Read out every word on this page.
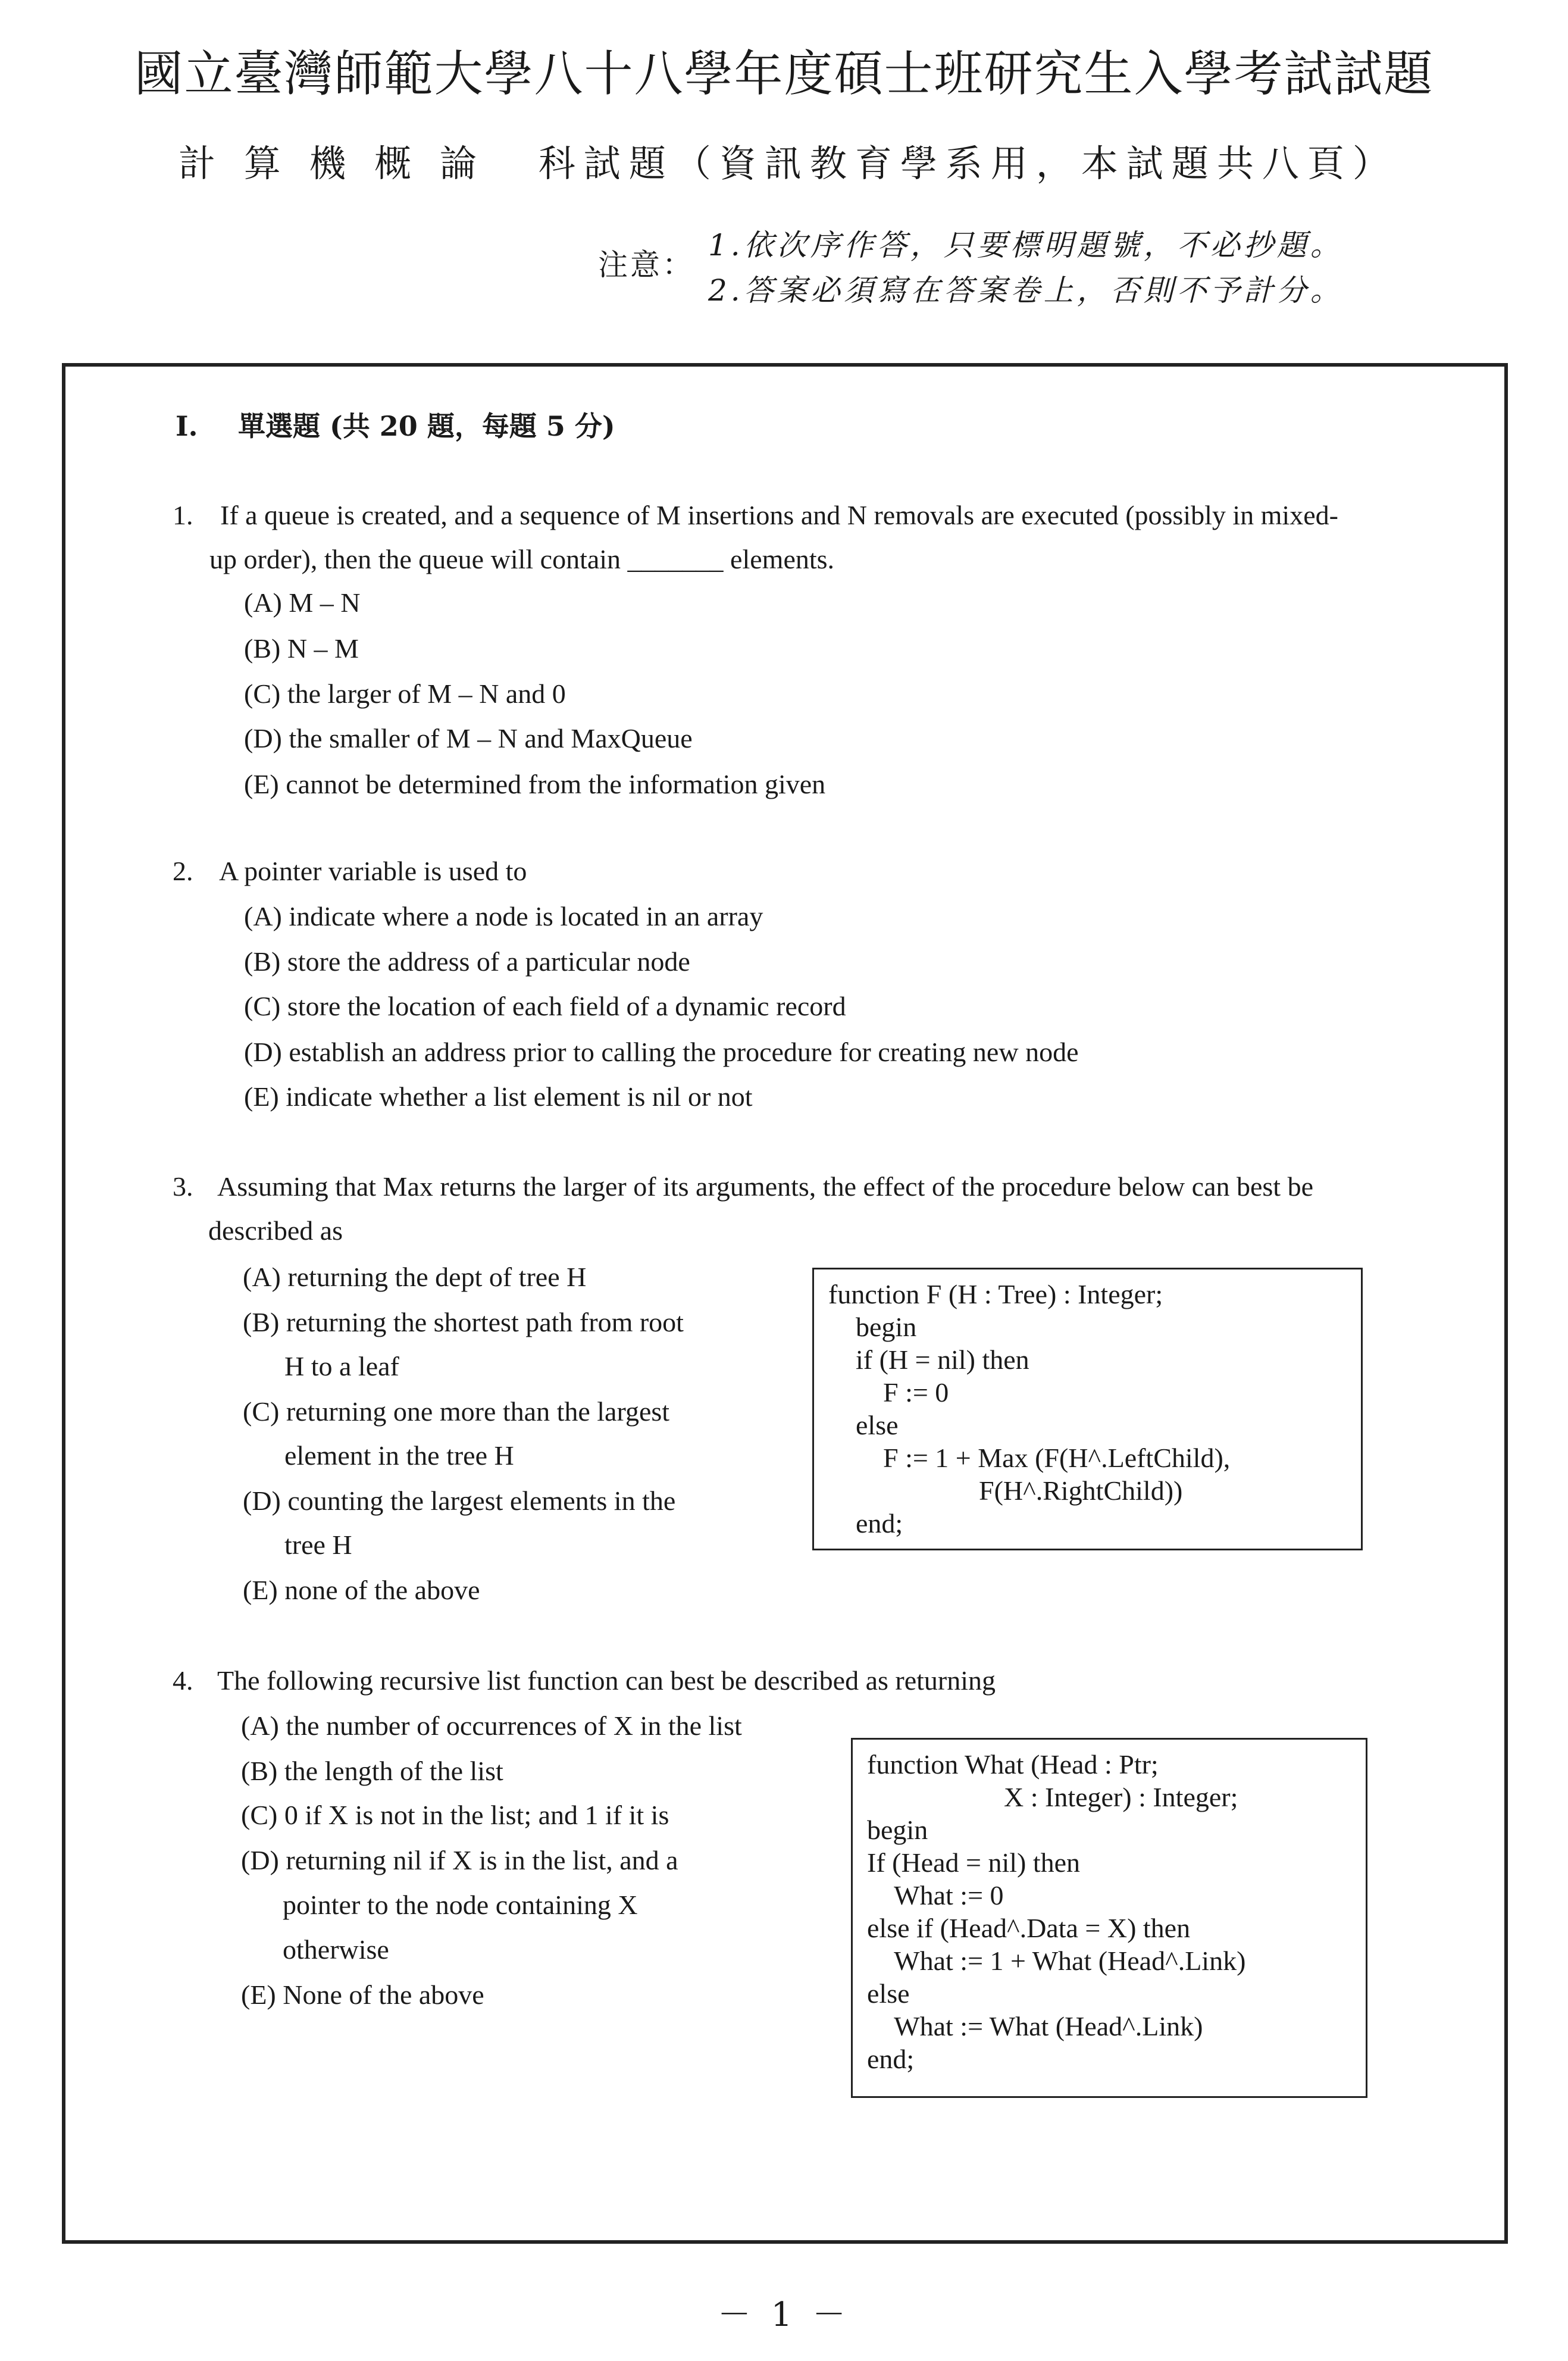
國立臺灣師範大學八十八學年度碩士班研究生入學考試試題
計 算 機 概 論 科試題（資訊教育學系用，本試題共八頁）
注意：
1.依次序作答，只要標明題號，不必抄題。
2.答案必須寫在答案卷上，否則不予計分。
I. 單選題 (共 20 題，每題 5 分)
1. If a queue is created, and a sequence of M insertions and N removals are executed (possibly in mixed-
up order), then the queue will contain _______ elements.
(A) M – N
(B) N – M
(C) the larger of M – N and 0
(D) the smaller of M – N and MaxQueue
(E) cannot be determined from the information given
2. A pointer variable is used to
(A) indicate where a node is located in an array
(B) store the address of a particular node
(C) store the location of each field of a dynamic record
(D) establish an address prior to calling the procedure for creating new node
(E) indicate whether a list element is nil or not
3. Assuming that Max returns the larger of its arguments, the effect of the procedure below can best be
described as
(A) returning the dept of tree H
(B) returning the shortest path from root
H to a leaf
(C) returning one more than the largest
element in the tree H
(D) counting the largest elements in the
tree H
(E) none of the above
function F (H : Tree) : Integer;
begin
if (H = nil) then
F := 0
else
F := 1 + Max (F(H^.LeftChild),
F(H^.RightChild))
end;
4. The following recursive list function can best be described as returning
(A) the number of occurrences of X in the list
(B) the length of the list
(C) 0 if X is not in the list; and 1 if it is
(D) returning nil if X is in the list, and a
pointer to the node containing X
otherwise
(E) None of the above
function What (Head : Ptr;
X : Integer) : Integer;
begin
If (Head = nil) then
What := 0
else if (Head^.Data = X) then
What := 1 + What (Head^.Link)
else
What := What (Head^.Link)
end;
－ 1 －
